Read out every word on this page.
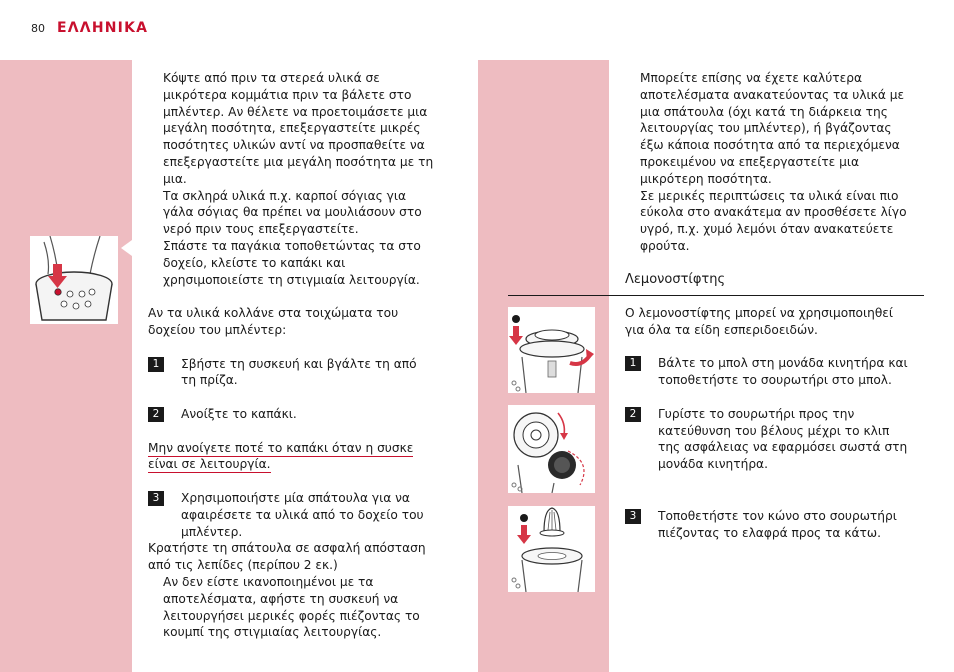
80 ΕΛΛΗΝΙΚΑ

Κόψτε από πριν τα στερεά υλικά σε

μικρότερα κομμάτια πριν τα βάλετε στο

μπλέντερ. Αν θέλετε να προετοιμάσετε μια

μεγάλη ποσότητα, επεξεργαστείτε μικρές

ποσότητες υλικών αντί να προσπαθείτε να

επεξεργαστείτε μια μεγάλη ποσότητα με τη

μια.

Τα σκληρά υλικά π.χ. καρποί σόγιας για

γάλα σόγιας θα πρέπει να μουλιάσουν στο

νερό πριν τους επεξεργαστείτε.

Σπάστε τα παγάκια τοποθετώντας τα στο

δοχείο, κλείστε το καπάκι και

χρησιμοποιείστε τη στιγμιαία λειτουργία.

Αν τα υλικά κολλάνε στα τοιχώματα του

δοχείου του μπλέντερ:

1	Σβήστε τη συσκευή και βγάλτε τη από

τη πρίζα.

2	Ανοίξτε το καπάκι.

Μην ανοίγετε ποτέ το καπάκι όταν η συσκε

είναι σε λειτουργία.

3	Χρησιμοποιήστε μία σπάτουλα για να

αφαιρέσετε τα υλικά από το δοχείο του

μπλέντερ.

Κρατήστε τη σπάτουλα σε ασφαλή απόσταση

από τις λεπίδες (περίπου 2 εκ.)

Αν δεν είστε ικανοποιημένοι με τα

αποτελέσματα, αφήστε τη συσκευή να

λειτουργήσει μερικές φορές πιέζοντας το

κουμπί της στιγμιαίας λειτουργίας.

Μπορείτε επίσης να έχετε καλύτερα

αποτελέσματα ανακατεύοντας τα υλικά με

μια σπάτουλα (όχι κατά τη διάρκεια της

λειτουργίας του μπλέντερ), ή βγάζοντας

έξω κάποια ποσότητα από τα περιεχόμενα

προκειμένου να επεξεργαστείτε μια

μικρότερη ποσότητα.

Σε μερικές περιπτώσεις τα υλικά είναι πιο

εύκολα στο ανακάτεμα αν προσθέσετε λίγο

υγρό, π.χ. χυμό λεμόνι όταν ανακατεύετε

φρούτα.

Λεμονοστίφτης

Ο λεμονοστίφτης μπορεί να χρησιμοποιηθεί

για όλα τα είδη εσπεριδοειδών.

1	Βάλτε το μπολ στη μονάδα κινητήρα και

τοποθετήστε το σουρωτήρι στο μπολ.

2	Γυρίστε το σουρωτήρι προς την

κατεύθυνση του βέλους μέχρι το κλιπ

της ασφάλειας να εφαρμόσει σωστά στη

μονάδα κινητήρα.

3	Τοποθετήστε τον κώνο στο σουρωτήρι

πιέζοντας το ελαφρά προς τα κάτω.
